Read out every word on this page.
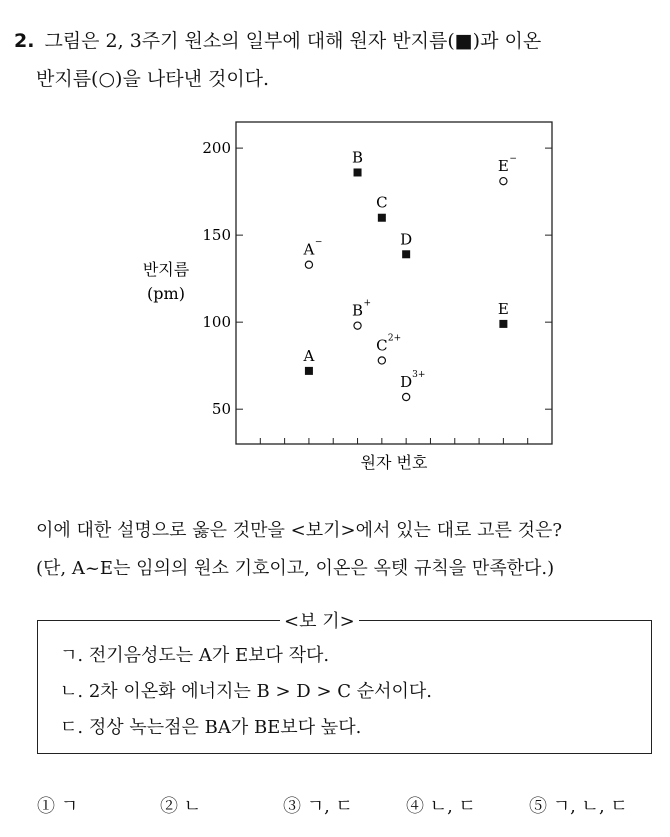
2. 그림은 2, 3주기 원소의 일부에 대해 원자 반지름(■)과 이온
반지름(○)을 나타낸 것이다.
50
100
150
200
반지름
(pm)
원자 번호
A
B
C
D
E
A −
B +
C 2+
D 3+
E −
이에 대한 설명으로 옳은 것만을 <보기>에서 있는 대로 고른 것은?
(단, A~E는 임의의 원소 기호이고, 이온은 옥텟 규칙을 만족한다.)
<보 기>
ㄱ. 전기음성도는 A가 E보다 작다.
ㄴ. 2차 이온화 에너지는 B > D > C 순서이다.
ㄷ. 정상 녹는점은 BA가 BE보다 높다.
① ㄱ	② ㄴ	③ ㄱ, ㄷ	④ ㄴ, ㄷ	⑤ ㄱ, ㄴ, ㄷ
